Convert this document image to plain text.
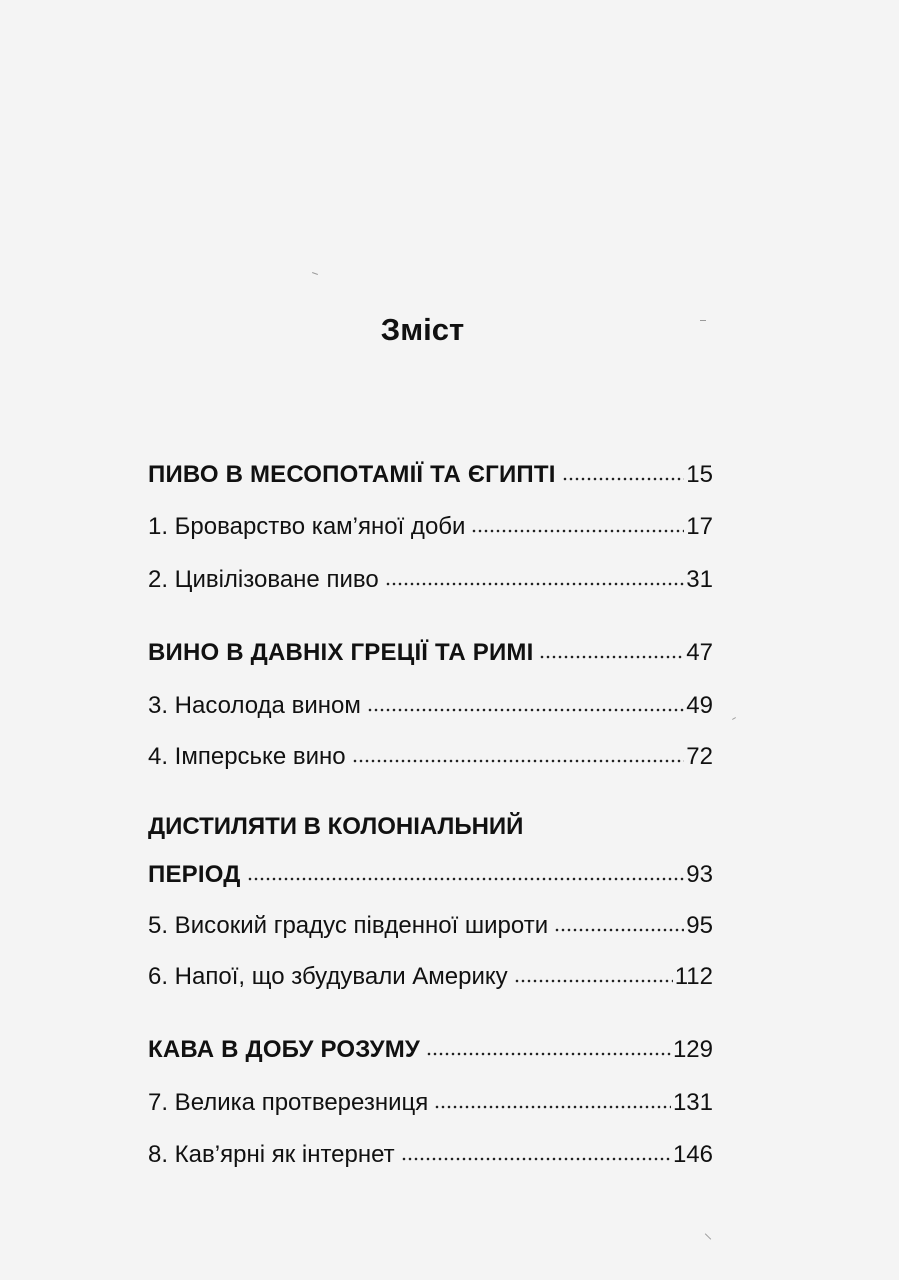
Зміст
ПИВО В МЕСОПОТАМІЇ ТА ЄГИПТІ	15
1. Броварство кам’яної доби	17
2. Цивілізоване пиво	31
ВИНО В ДАВНІХ ГРЕЦІЇ ТА РИМІ	47
3. Насолода вином	49
4. Імперське вино	72
ДИСТИЛЯТИ В КОЛОНІАЛЬНИЙ
ПЕРІОД	93
5. Високий градус південної широти	95
6. Напої, що збудували Америку	112
КАВА В ДОБУ РОЗУМУ	129
7. Велика протверезниця	131
8. Кав’ярні як інтернет	146
